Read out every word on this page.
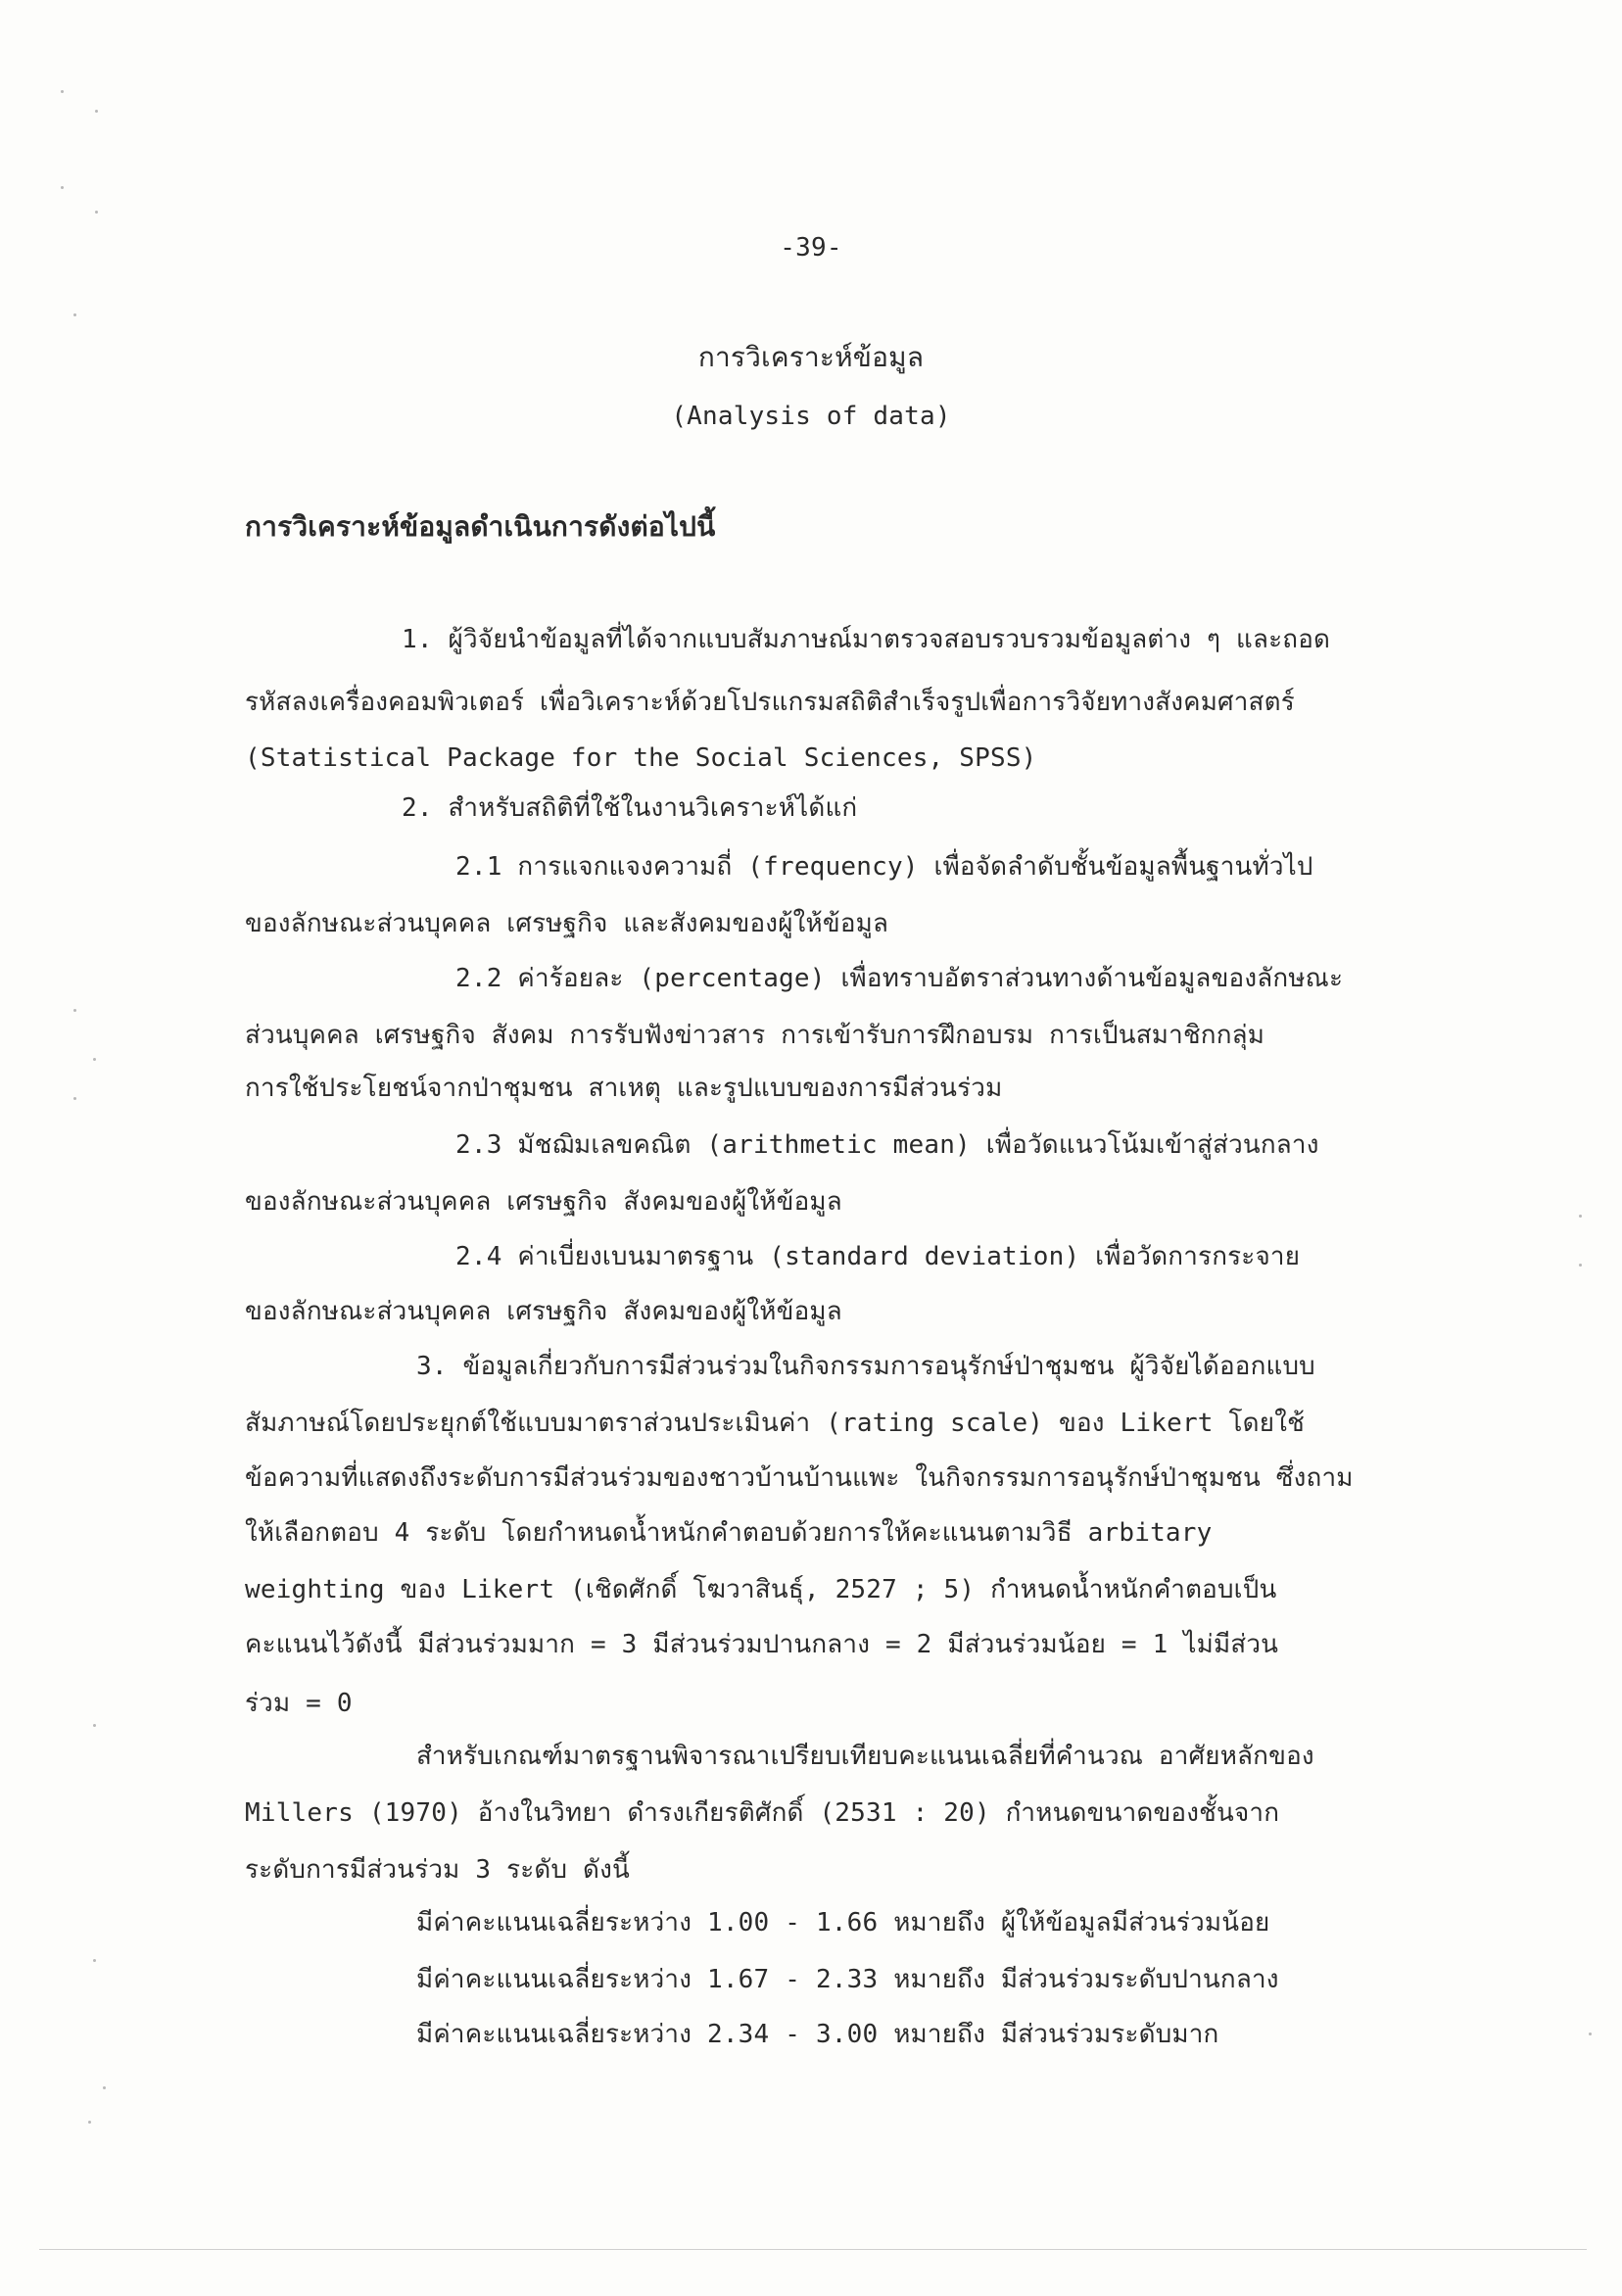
-39-
การวิเคราะห์ข้อมูล
(Analysis of data)
การวิเคราะห์ข้อมูลดำเนินการดังต่อไปนี้
1. ผู้วิจัยนำข้อมูลที่ได้จากแบบสัมภาษณ์มาตรวจสอบรวบรวมข้อมูลต่าง ๆ และถอด
รหัสลงเครื่องคอมพิวเตอร์ เพื่อวิเคราะห์ด้วยโปรแกรมสถิติสำเร็จรูปเพื่อการวิจัยทางสังคมศาสตร์
(Statistical Package for the Social Sciences, SPSS)
2. สำหรับสถิติที่ใช้ในงานวิเคราะห์ได้แก่
2.1 การแจกแจงความถี่ (frequency) เพื่อจัดลำดับชั้นข้อมูลพื้นฐานทั่วไป
ของลักษณะส่วนบุคคล เศรษฐกิจ และสังคมของผู้ให้ข้อมูล
2.2 ค่าร้อยละ (percentage) เพื่อทราบอัตราส่วนทางด้านข้อมูลของลักษณะ
ส่วนบุคคล เศรษฐกิจ สังคม การรับฟังข่าวสาร การเข้ารับการฝึกอบรม การเป็นสมาชิกกลุ่ม
การใช้ประโยชน์จากป่าชุมชน สาเหตุ และรูปแบบของการมีส่วนร่วม
2.3 มัชฌิมเลขคณิต (arithmetic mean) เพื่อวัดแนวโน้มเข้าสู่ส่วนกลาง
ของลักษณะส่วนบุคคล เศรษฐกิจ สังคมของผู้ให้ข้อมูล
2.4 ค่าเบี่ยงเบนมาตรฐาน (standard deviation) เพื่อวัดการกระจาย
ของลักษณะส่วนบุคคล เศรษฐกิจ สังคมของผู้ให้ข้อมูล
3. ข้อมูลเกี่ยวกับการมีส่วนร่วมในกิจกรรมการอนุรักษ์ป่าชุมชน ผู้วิจัยได้ออกแบบ
สัมภาษณ์โดยประยุกต์ใช้แบบมาตราส่วนประเมินค่า (rating scale) ของ Likert โดยใช้
ข้อความที่แสดงถึงระดับการมีส่วนร่วมของชาวบ้านบ้านแพะ ในกิจกรรมการอนุรักษ์ป่าชุมชน ซึ่งถาม
ให้เลือกตอบ 4 ระดับ โดยกำหนดน้ำหนักคำตอบด้วยการให้คะแนนตามวิธี arbitary
weighting ของ Likert (เชิดศักดิ์ โฆวาสินธุ์, 2527 ; 5) กำหนดน้ำหนักคำตอบเป็น
คะแนนไว้ดังนี้ มีส่วนร่วมมาก = 3 มีส่วนร่วมปานกลาง = 2 มีส่วนร่วมน้อย = 1 ไม่มีส่วน
ร่วม = 0
สำหรับเกณฑ์มาตรฐานพิจารณาเปรียบเทียบคะแนนเฉลี่ยที่คำนวณ อาศัยหลักของ
Millers (1970) อ้างในวิทยา ดำรงเกียรติศักดิ์ (2531 : 20) กำหนดขนาดของชั้นจาก
ระดับการมีส่วนร่วม 3 ระดับ ดังนี้
มีค่าคะแนนเฉลี่ยระหว่าง 1.00 - 1.66 หมายถึง ผู้ให้ข้อมูลมีส่วนร่วมน้อย
มีค่าคะแนนเฉลี่ยระหว่าง 1.67 - 2.33 หมายถึง มีส่วนร่วมระดับปานกลาง
มีค่าคะแนนเฉลี่ยระหว่าง 2.34 - 3.00 หมายถึง มีส่วนร่วมระดับมาก
